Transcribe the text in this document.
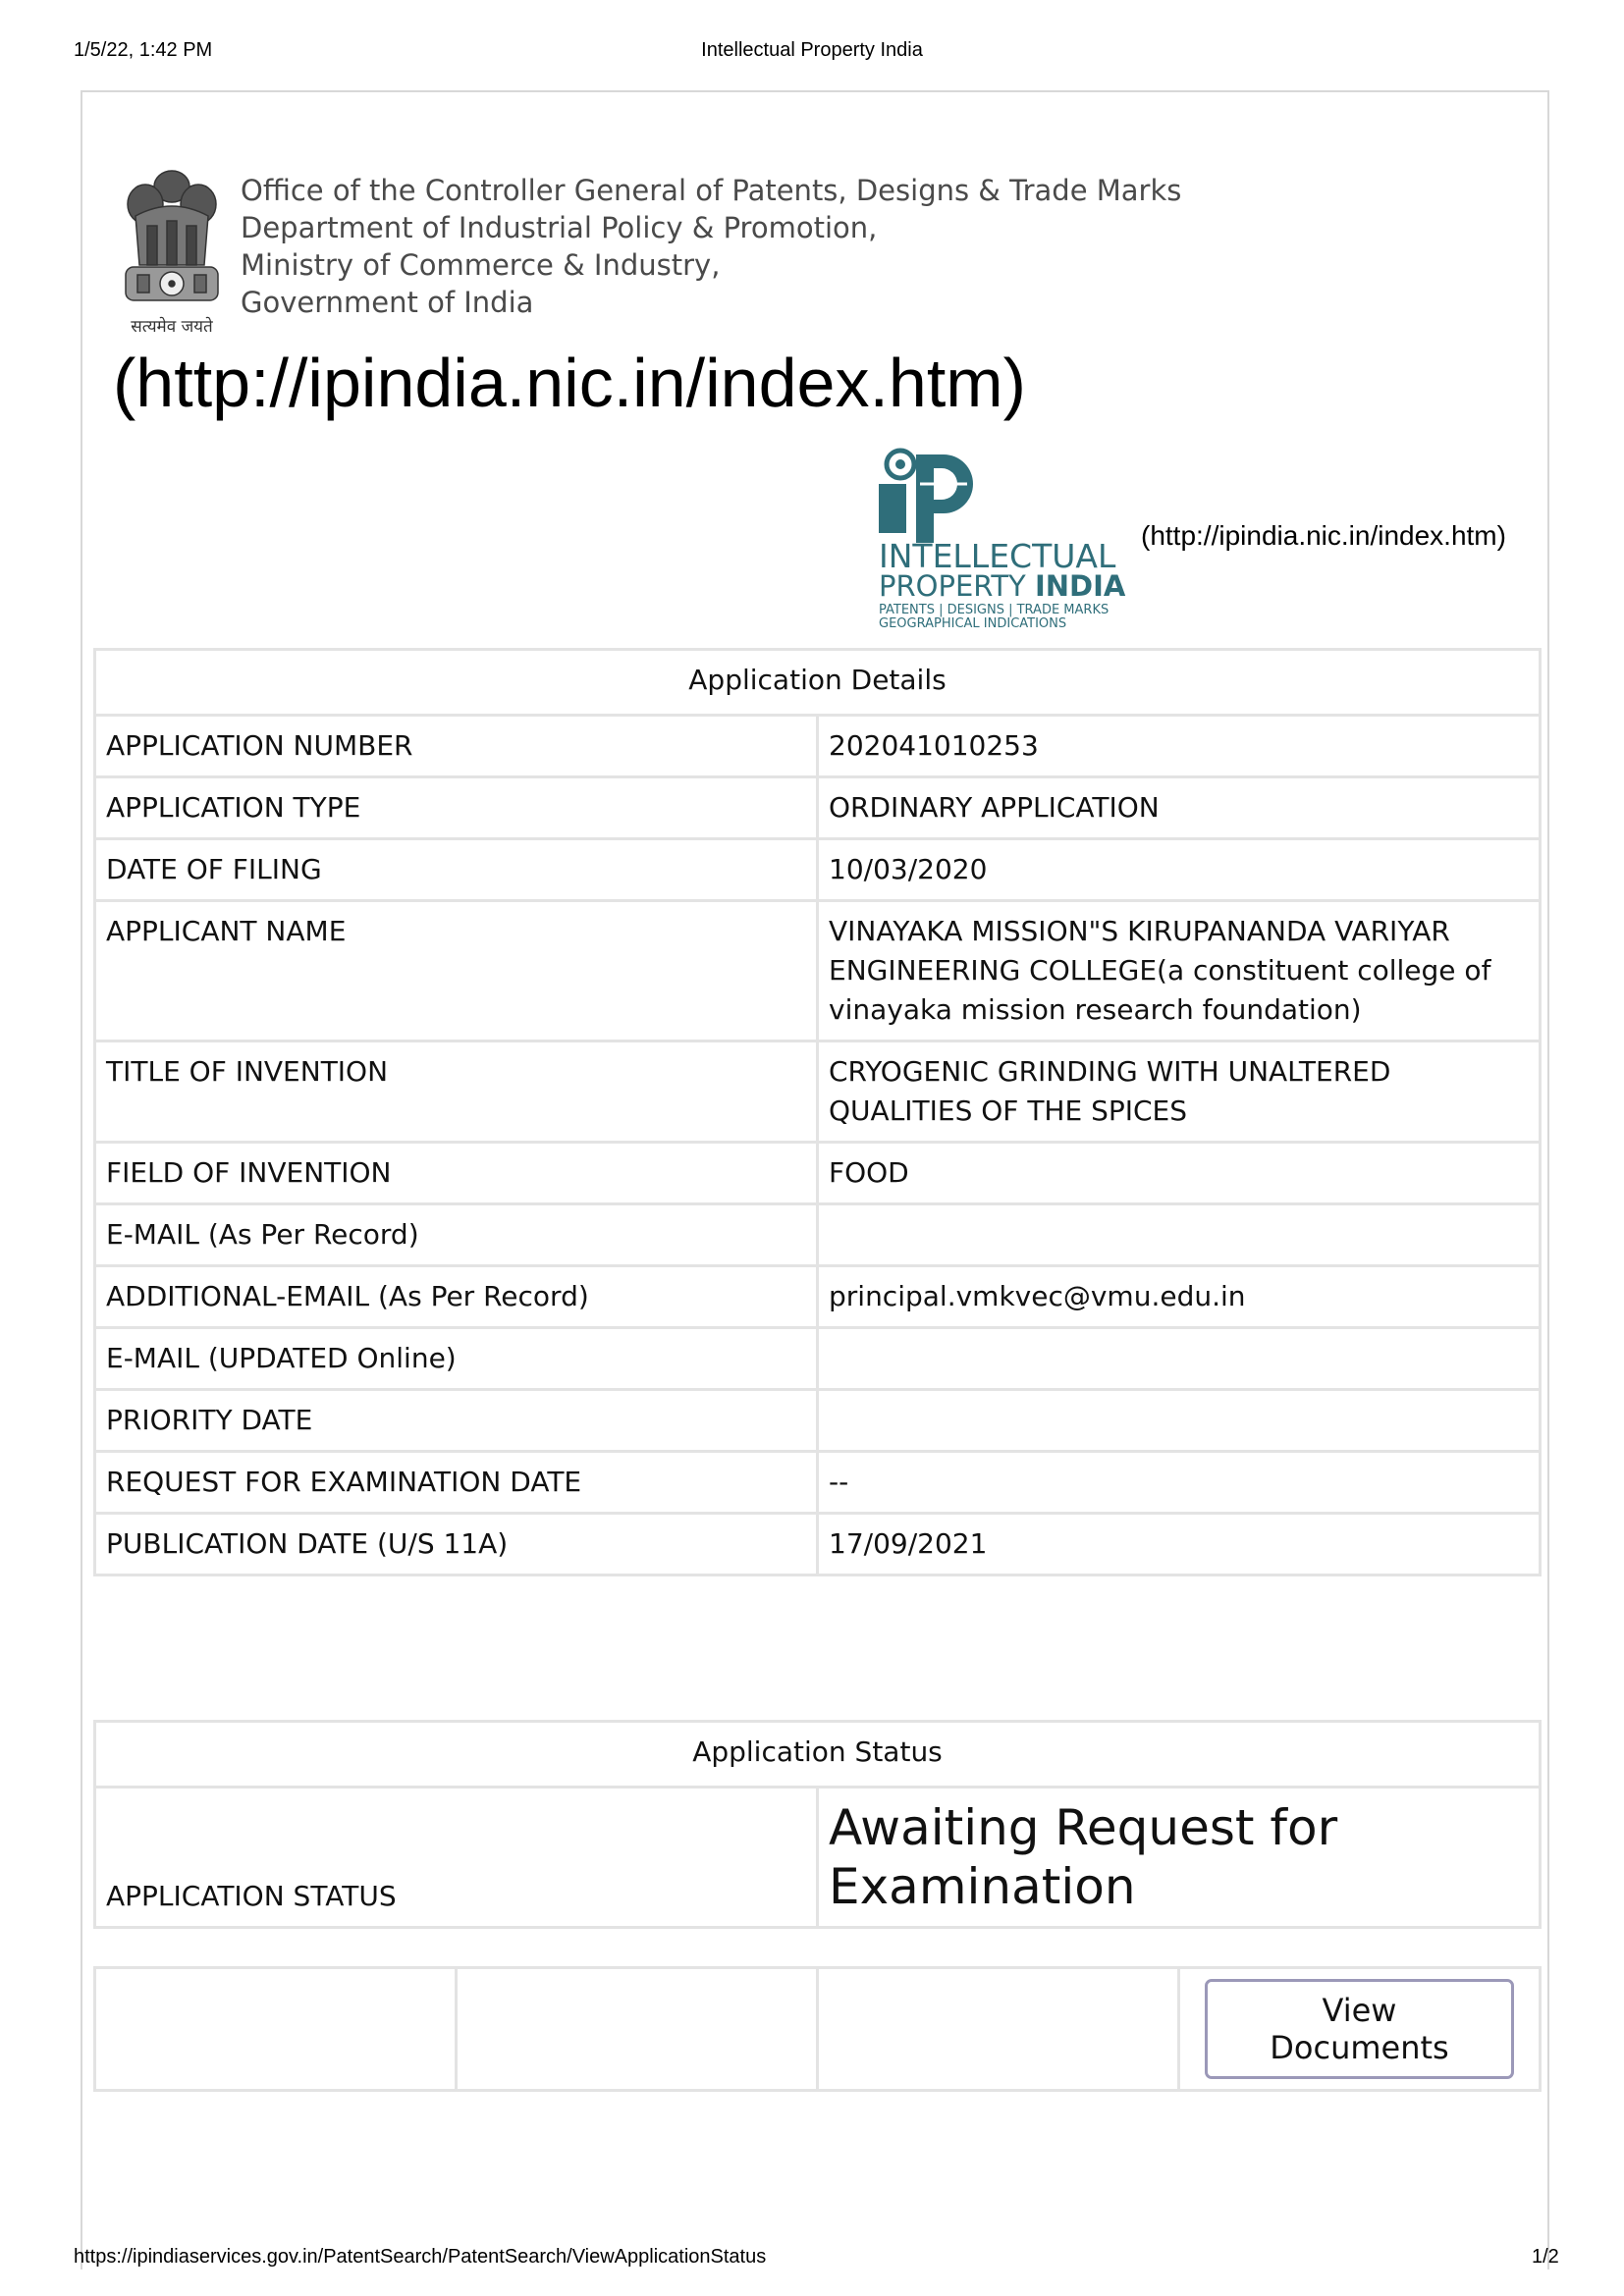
1/5/22, 1:42 PM	Intellectual Property India
सत्यमेव जयते
Office of the Controller General of Patents, Designs & Trade Marks
Department of Industrial Policy & Promotion,
Ministry of Commerce & Industry,
Government of India
(http://ipindia.nic.in/index.htm)
INTELLECTUAL
PROPERTY INDIA
PATENTS | DESIGNS | TRADE MARKS
GEOGRAPHICAL INDICATIONS
(http://ipindia.nic.in/index.htm)
Application Details	
APPLICATION NUMBER	202041010253
APPLICATION TYPE	ORDINARY APPLICATION
DATE OF FILING	10/03/2020
APPLICANT NAME	VINAYAKA MISSION"S KIRUPANANDA VARIYAR ENGINEERING COLLEGE(a constituent college of vinayaka mission research foundation)
TITLE OF INVENTION	CRYOGENIC GRINDING WITH UNALTERED QUALITIES OF THE SPICES
FIELD OF INVENTION	FOOD
E-MAIL (As Per Record)	
ADDITIONAL-EMAIL (As Per Record)	principal.vmkvec@vmu.edu.in
E-MAIL (UPDATED Online)	
PRIORITY DATE	
REQUEST FOR EXAMINATION DATE	--
PUBLICATION DATE (U/S 11A)	17/09/2021
Application Status
APPLICATION STATUS	Awaiting Request for Examination

View Documents
https://ipindiaservices.gov.in/PatentSearch/PatentSearch/ViewApplicationStatus	1/2
